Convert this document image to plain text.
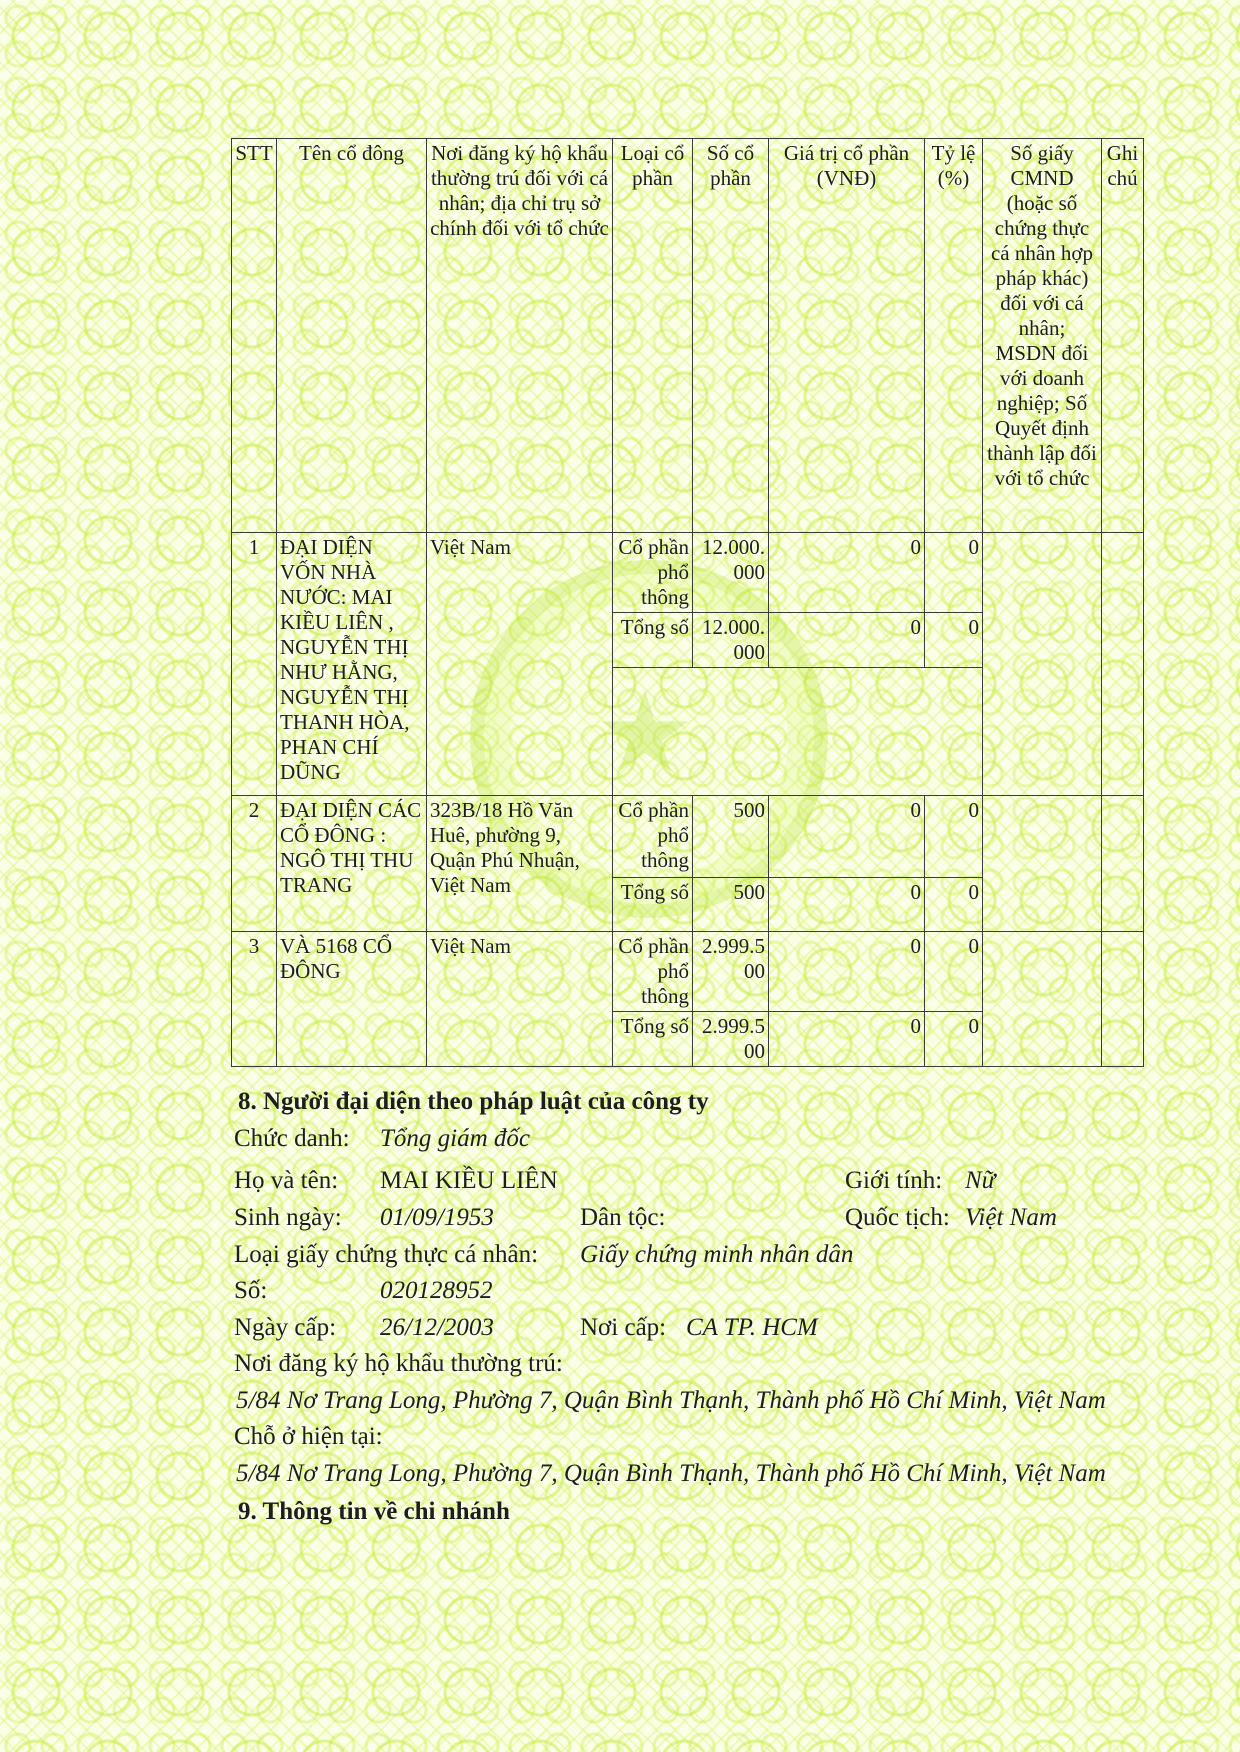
STT	Tên cổ đông	Nơi đăng ký hộ khẩu thường trú đối với cá nhân; địa chỉ trụ sở chính đối với tổ chức	Loại cổ phần	Số cổ phần	Giá trị cổ phần (VNĐ)	Tỷ lệ (%)	Số giấy CMND (hoặc số chứng thực cá nhân hợp pháp khác) đối với cá nhân; MSDN đối với doanh nghiệp; Số Quyết định thành lập đối với tổ chức	Ghi chú
1	ĐẠI DIỆN VỐN NHÀ NƯỚC: MAI KIỀU LIÊN , NGUYỄN THỊ NHƯ HẰNG, NGUYỄN THỊ THANH HÒA, PHAN CHÍ DŨNG	Việt Nam	Cổ phần phổ thông	12.000.000	0	0		
			Tổng số	12.000.000	0	0		

2	ĐẠI DIỆN CÁC CỔ ĐÔNG : NGÔ THỊ THU TRANG	323B/18 Hồ Văn Huê, phường 9, Quận Phú Nhuận, Việt Nam	Cổ phần phổ thông	500	0	0		
			Tổng số	500	0	0		
3	VÀ 5168 CỔ ĐÔNG	Việt Nam	Cổ phần phổ thông	2.999.500	0	0		
			Tổng số	2.999.500	0	0		
8. Người đại diện theo pháp luật của công ty
Chức danh: Tổng giám đốc
Họ và tên: MAI KIỀU LIÊN	Giới tính: Nữ
Sinh ngày: 01/09/1953	Dân tộc:	Quốc tịch: Việt Nam
Loại giấy chứng thực cá nhân: Giấy chứng minh nhân dân
Số:	020128952
Ngày cấp: 26/12/2003	Nơi cấp: CA TP. HCM
Nơi đăng ký hộ khẩu thường trú:
5/84 Nơ Trang Long, Phường 7, Quận Bình Thạnh, Thành phố Hồ Chí Minh, Việt Nam
Chỗ ở hiện tại:
5/84 Nơ Trang Long, Phường 7, Quận Bình Thạnh, Thành phố Hồ Chí Minh, Việt Nam
9. Thông tin về chi nhánh
